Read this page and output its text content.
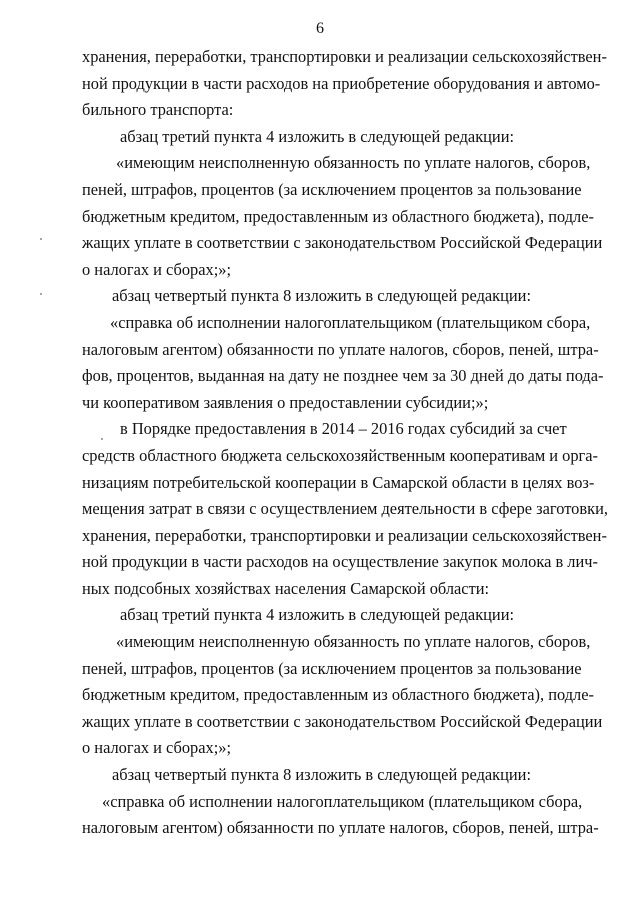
6
хранения, переработки, транспортировки и реализации сельскохозяйствен-
ной продукции в части расходов на приобретение оборудования и автомо-
бильного транспорта:
абзац третий пункта 4 изложить в следующей редакции:
«имеющим неисполненную обязанность по уплате налогов, сборов,
пеней, штрафов, процентов (за исключением процентов за пользование
бюджетным кредитом, предоставленным из областного бюджета), подле-
жащих уплате в соответствии с законодательством Российской Федерации
о налогах и сборах;»;
абзац четвертый пункта 8 изложить в следующей редакции:
«справка об исполнении налогоплательщиком (плательщиком сбора,
налоговым агентом) обязанности по уплате налогов, сборов, пеней, штра-
фов, процентов, выданная на дату не позднее чем за 30 дней до даты пода-
чи кооперативом заявления о предоставлении субсидии;»;
в Порядке предоставления в 2014 – 2016 годах субсидий за счет
средств областного бюджета сельскохозяйственным кооперативам и орга-
низациям потребительской кооперации в Самарской области в целях воз-
мещения затрат в связи с осуществлением деятельности в сфере заготовки,
хранения, переработки, транспортировки и реализации сельскохозяйствен-
ной продукции в части расходов на осуществление закупок молока в лич-
ных подсобных хозяйствах населения Самарской области:
абзац третий пункта 4 изложить в следующей редакции:
«имеющим неисполненную обязанность по уплате налогов, сборов,
пеней, штрафов, процентов (за исключением процентов за пользование
бюджетным кредитом, предоставленным из областного бюджета), подле-
жащих уплате в соответствии с законодательством Российской Федерации
о налогах и сборах;»;
абзац четвертый пункта 8 изложить в следующей редакции:
«справка об исполнении налогоплательщиком (плательщиком сбора,
налоговым агентом) обязанности по уплате налогов, сборов, пеней, штра-
